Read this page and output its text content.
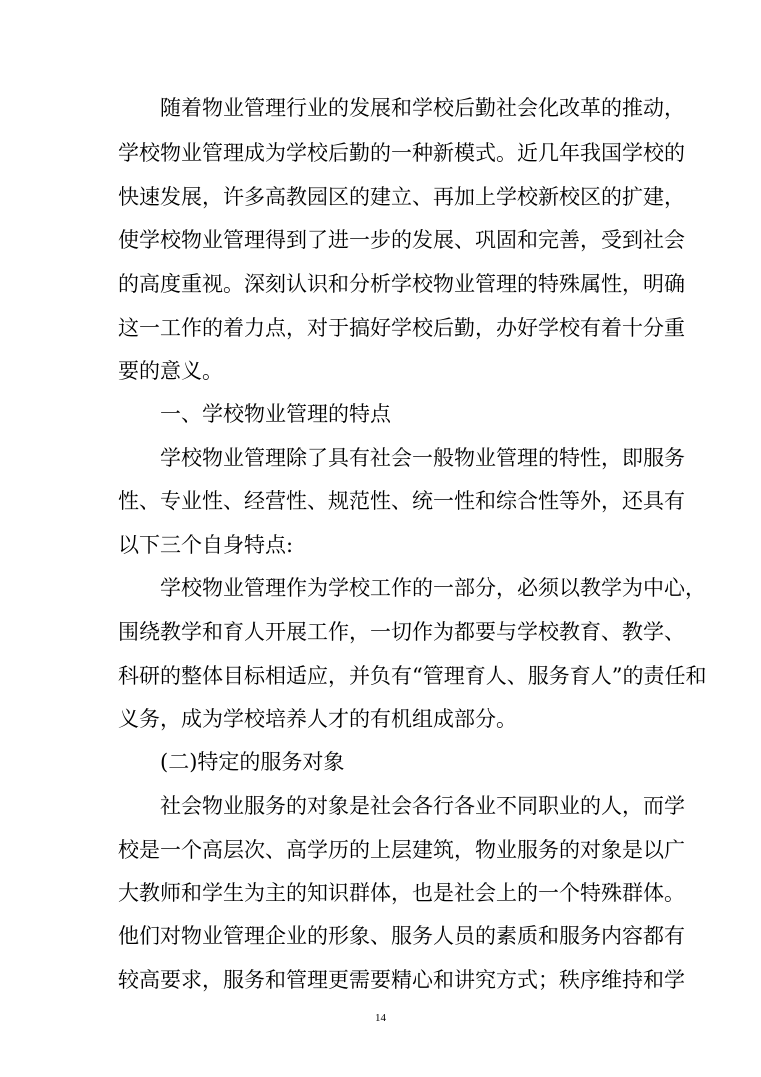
随着物业管理行业的发展和学校后勤社会化改革的推动，
学校物业管理成为学校后勤的一种新模式。近几年我国学校的
快速发展，许多高教园区的建立、再加上学校新校区的扩建，
使学校物业管理得到了进一步的发展、巩固和完善，受到社会
的高度重视。深刻认识和分析学校物业管理的特殊属性，明确
这一工作的着力点，对于搞好学校后勤，办好学校有着十分重
要的意义。
一、学校物业管理的特点
学校物业管理除了具有社会一般物业管理的特性，即服务
性、专业性、经营性、规范性、统一性和综合性等外，还具有
以下三个自身特点:
学校物业管理作为学校工作的一部分，必须以教学为中心，
围绕教学和育人开展工作，一切作为都要与学校教育、教学、
科研的整体目标相适应，并负有“管理育人、服务育人”的责任和
义务，成为学校培养人才的有机组成部分。
(二)特定的服务对象
社会物业服务的对象是社会各行各业不同职业的人，而学
校是一个高层次、高学历的上层建筑，物业服务的对象是以广
大教师和学生为主的知识群体，也是社会上的一个特殊群体。
他们对物业管理企业的形象、服务人员的素质和服务内容都有
较高要求，服务和管理更需要精心和讲究方式；秩序维持和学
14
